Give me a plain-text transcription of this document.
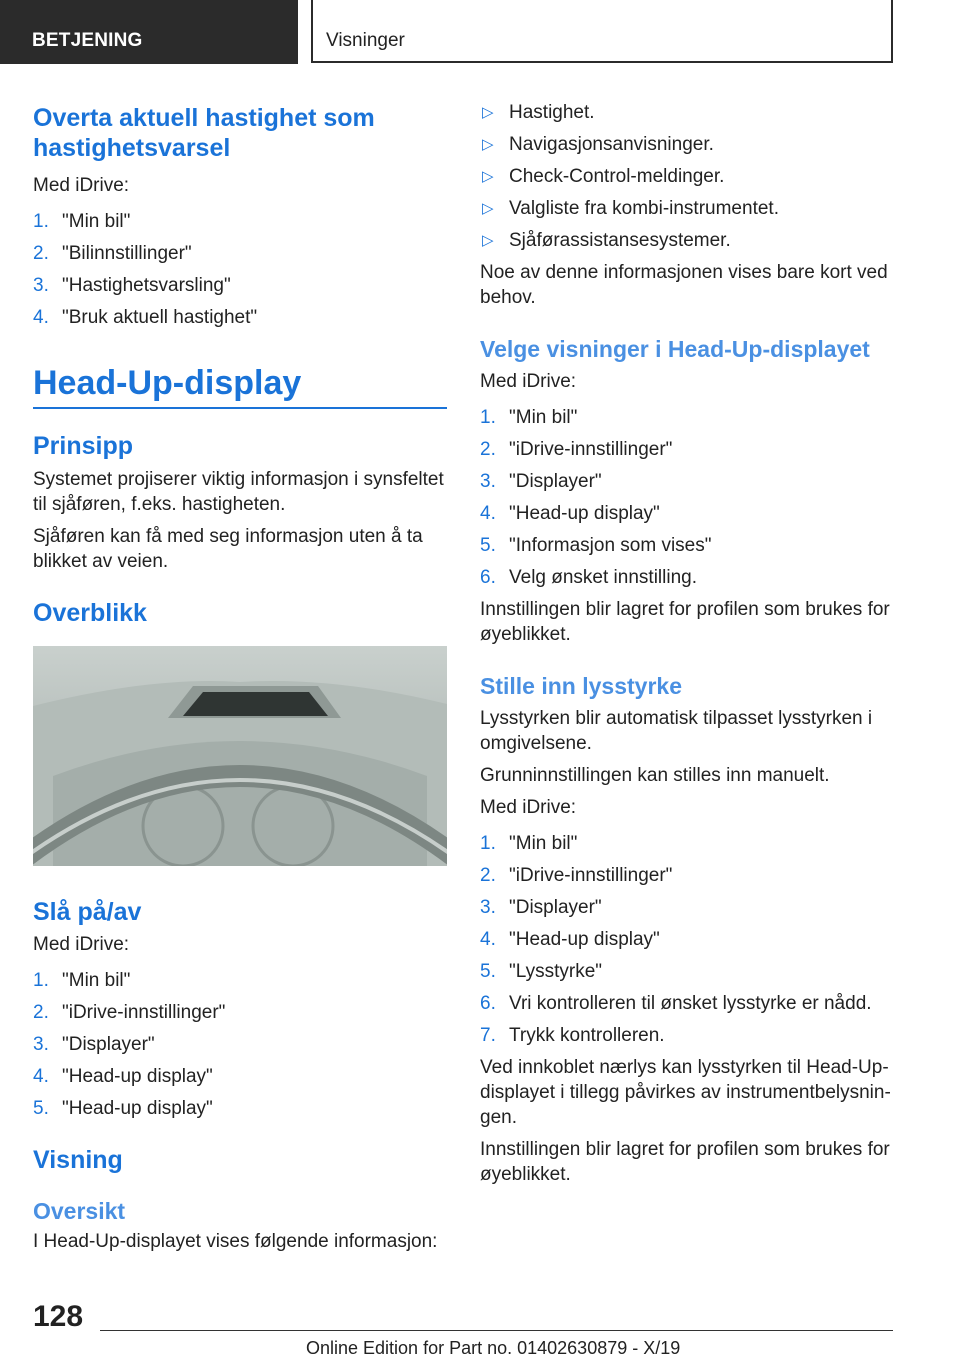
BETJENING	Visninger
Overta aktuell hastighet som hastighetsvarsel

Med iDrive:

1. "Min bil"
2. "Bilinnstillinger"
3. "Hastighetsvarsling"
4. "Bruk aktuell hastighet"
Head-Up-display
Prinsipp

Systemet projiserer viktig informasjon i synsfeltet til sjåføren, f.eks. hastigheten.

Sjåføren kan få med seg informasjon uten å ta blikket av veien.

Overblikk
Slå på/av

Med iDrive:

1. "Min bil"
2. "iDrive-innstillinger"
3. "Displayer"
4. "Head-up display"
5. "Head-up display"
Visning
Oversikt

I Head-Up-displayet vises følgende informasjon:

▷ Hastighet.
▷ Navigasjonsanvisninger.
▷ Check-Control-meldinger.
▷ Valgliste fra kombi-instrumentet.
▷ Sjåførassistansesystemer.

Noe av denne informasjonen vises bare kort ved behov.

Velge visninger i Head-Up-displayet

Med iDrive:

1. "Min bil"
2. "iDrive-innstillinger"
3. "Displayer"
4. "Head-up display"
5. "Informasjon som vises"
6. Velg ønsket innstilling.

Innstillingen blir lagret for profilen som brukes for øyeblikket.

Stille inn lysstyrke

Lysstyrken blir automatisk tilpasset lysstyrken i omgivelsene.

Grunninnstillingen kan stilles inn manuelt.

Med iDrive:

1. "Min bil"
2. "iDrive-innstillinger"
3. "Displayer"
4. "Head-up display"
5. "Lysstyrke"
6. Vri kontrolleren til ønsket lysstyrke er nådd.
7. Trykk kontrolleren.

Ved innkoblet nærlys kan lysstyrken til Head-Up-displayet i tillegg påvirkes av instrumentbelysnin-gen.

Innstillingen blir lagret for profilen som brukes for øyeblikket.

128
Online Edition for Part no. 01402630879 - X/19
